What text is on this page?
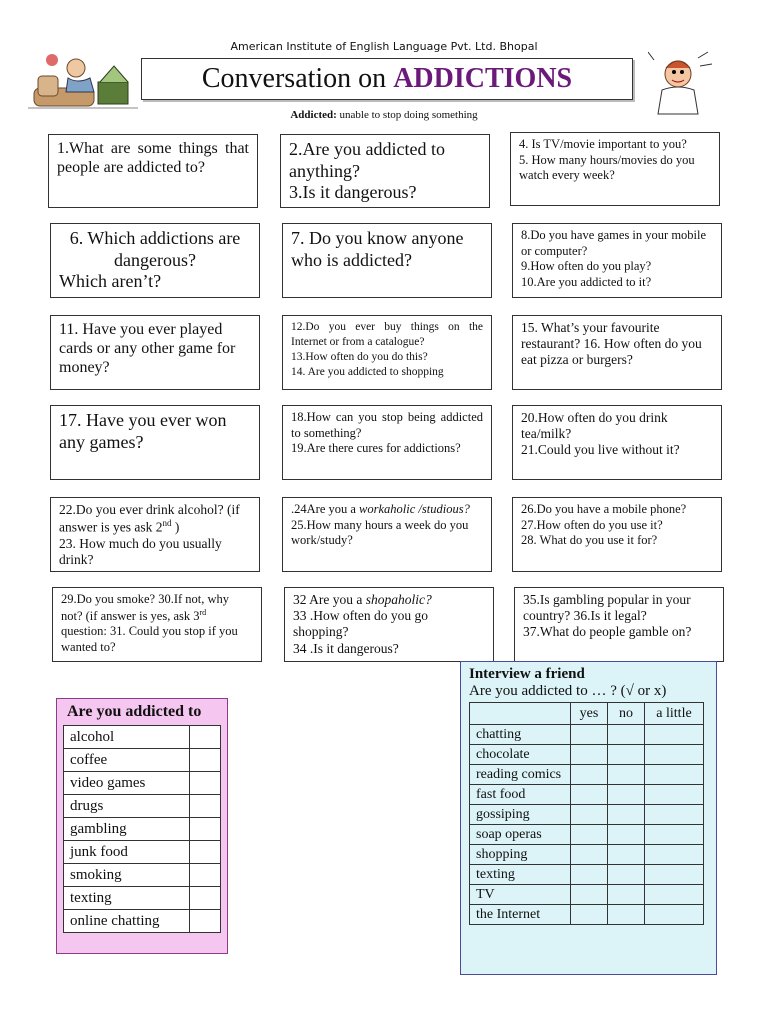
American Institute of English Language Pvt. Ltd. Bhopal
Conversation on ADDICTIONS
Addicted: unable to stop doing something

1.What are some things that people are addicted to?

2.Are you addicted to anything?

3.Is it dangerous?

4. Is TV/movie important to you?

5. How many hours/movies do you watch every week?

6. Which addictions are dangerous?

Which aren’t?

7. Do you know anyone who is addicted?

8.Do you have games in your mobile or computer?

9.How often do you play?

10.Are you addicted to it?

11. Have you ever played cards or any other game for money?

12.Do you ever buy things on the Internet or from a catalogue?

13.How often do you do this?

14. Are you addicted to shopping

15. What’s your favourite restaurant? 16. How often do you eat pizza or burgers?

17. Have you ever won any games?

18.How can you stop being addicted to something?

19.Are there cures for addictions?

20.How often do you drink tea/milk?

21.Could you live without it?

22.Do you ever drink alcohol? (if answer is yes ask 2nd )

23. How much do you usually drink?

.24Are you a workaholic /studious?

25.How many hours a week do you work/study?

26.Do you have a mobile phone?

27.How often do you use it?

28. What do you use it for?

29.Do you smoke? 30.If not, why not? (if answer is yes, ask 3rd question: 31. Could you stop if you wanted to?

32 Are you a shopaholic?

33 .How often do you go shopping?

34 .Is it dangerous?

35.Is gambling popular in your country? 36.Is it legal?

37.What do people gamble on?

Are you addicted to
alcohol	
coffee	
video games	
drugs	
gambling	
junk food	
smoking	
texting	
online chatting	
Interview a friend
Are you addicted to … ? (√ or x)
	yes	no	a little
chatting			
chocolate			
reading comics			
fast food			
gossiping			
soap operas			
shopping			
texting			
TV			
the Internet			
